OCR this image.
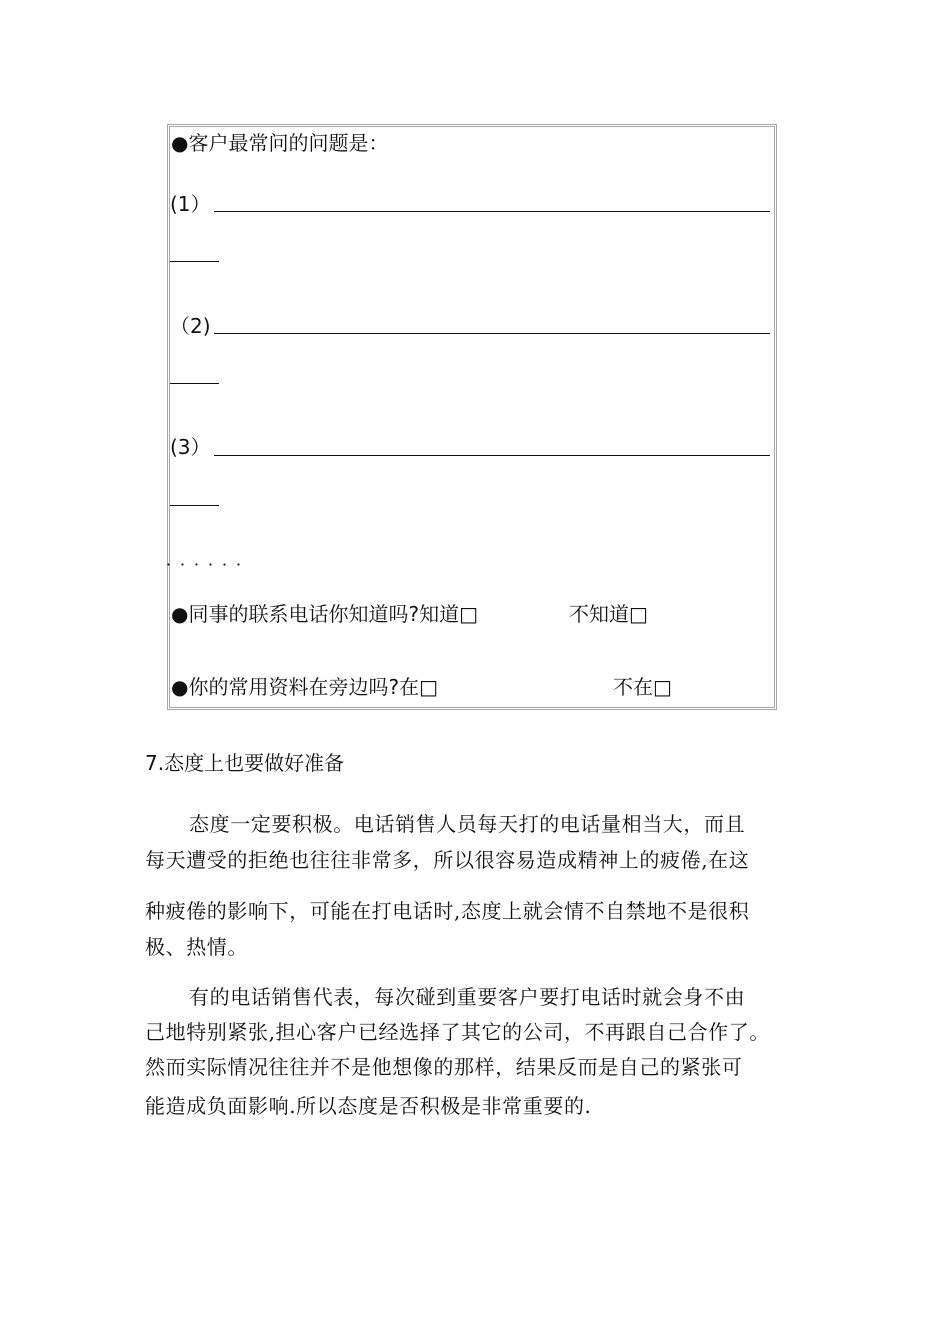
●客户最常问的问题是：
(1）
（2)
(3）
．．．．．．
●同事的联系电话你知道吗?知道□	不知道□
●你的常用资料在旁边吗?在□	不在□
7.态度上也要做好准备
态度一定要积极。电话销售人员每天打的电话量相当大，而且
每天遭受的拒绝也往往非常多，所以很容易造成精神上的疲倦,在这
种疲倦的影响下，可能在打电话时,态度上就会情不自禁地不是很积
极、热情。
有的电话销售代表，每次碰到重要客户要打电话时就会身不由
己地特别紧张,担心客户已经选择了其它的公司，不再跟自己合作了。
然而实际情况往往并不是他想像的那样，结果反而是自己的紧张可
能造成负面影响.所以态度是否积极是非常重要的.
